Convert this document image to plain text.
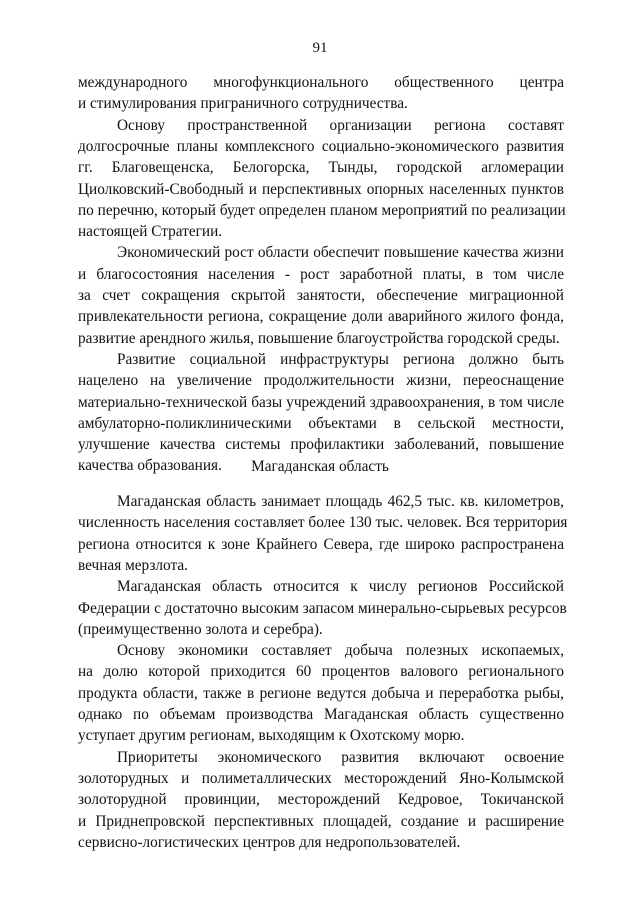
91
международного многофункционального общественного центра
и стимулирования приграничного сотрудничества.
Основу пространственной организации региона составят
долгосрочные планы комплексного социально-экономического развития
гг. Благовещенска, Белогорска, Тынды, городской агломерации
Циолковский-Свободный и перспективных опорных населенных пунктов
по перечню, который будет определен планом мероприятий по реализации
настоящей Стратегии.
Экономический рост области обеспечит повышение качества жизни
и благосостояния населения - рост заработной платы, в том числе
за счет сокращения скрытой занятости, обеспечение миграционной
привлекательности региона, сокращение доли аварийного жилого фонда,
развитие арендного жилья, повышение благоустройства городской среды.
Развитие социальной инфраструктуры региона должно быть
нацелено на увеличение продолжительности жизни, переоснащение
материально-технической базы учреждений здравоохранения, в том числе
амбулаторно-поликлиническими объектами в сельской местности,
улучшение качества системы профилактики заболеваний, повышение
качества образования.	Магаданская область
Магаданская область занимает площадь 462,5 тыс. кв. километров,
численность населения составляет более 130 тыс. человек. Вся территория
региона относится к зоне Крайнего Севера, где широко распространена
вечная мерзлота.
Магаданская область относится к числу регионов Российской
Федерации с достаточно высоким запасом минерально-сырьевых ресурсов
(преимущественно золота и серебра).
Основу экономики составляет добыча полезных ископаемых,
на долю которой приходится 60 процентов валового регионального
продукта области, также в регионе ведутся добыча и переработка рыбы,
однако по объемам производства Магаданская область существенно
уступает другим регионам, выходящим к Охотскому морю.
Приоритеты экономического развития включают освоение
золоторудных и полиметаллических месторождений Яно-Колымской
золоторудной провинции, месторождений Кедровое, Токичанской
и Приднепровской перспективных площадей, создание и расширение
сервисно-логистических центров для недропользователей.
